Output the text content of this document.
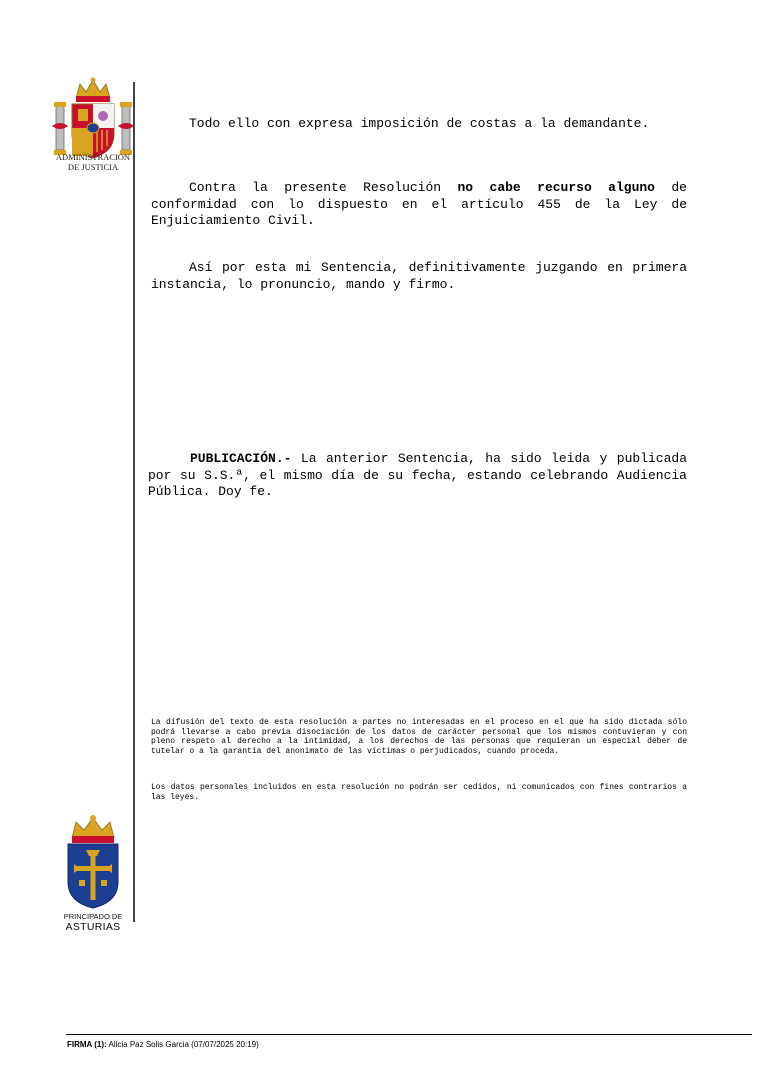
ADMINISTRACION
DE JUSTICIA

Todo ello con expresa imposición de costas a la demandante.

Contra la presente Resolución no cabe recurso alguno de conformidad con lo dispuesto en el artículo 455 de la Ley de Enjuiciamiento Civil.

Así por esta mi Sentencia, definitivamente juzgando en primera instancia, lo pronuncio, mando y firmo.

PUBLICACIÓN.- La anterior Sentencia, ha sido leida y publicada por su S.S.ª, el mismo día de su fecha, estando celebrando Audiencia Pública. Doy fe.

La difusión del texto de esta resolución a partes no interesadas en el proceso en el que ha sido dictada sólo podrá llevarse a cabo previa disociación de los datos de carácter personal que los mismos contuvieran y con pleno respeto al derecho a la intimidad, a los derechos de las personas que requieran un especial deber de tutelar o a la garantía del anonimato de las víctimas o perjudicados, cuando proceda.

Los datos personales incluidos en esta resolución no podrán ser cedidos, ni comunicados con fines contrarios a las leyes.

PRINCIPADO DE
ASTURIAS
FIRMA (1): Alicia Paz Solis Garcia (07/07/2025 20:19)
